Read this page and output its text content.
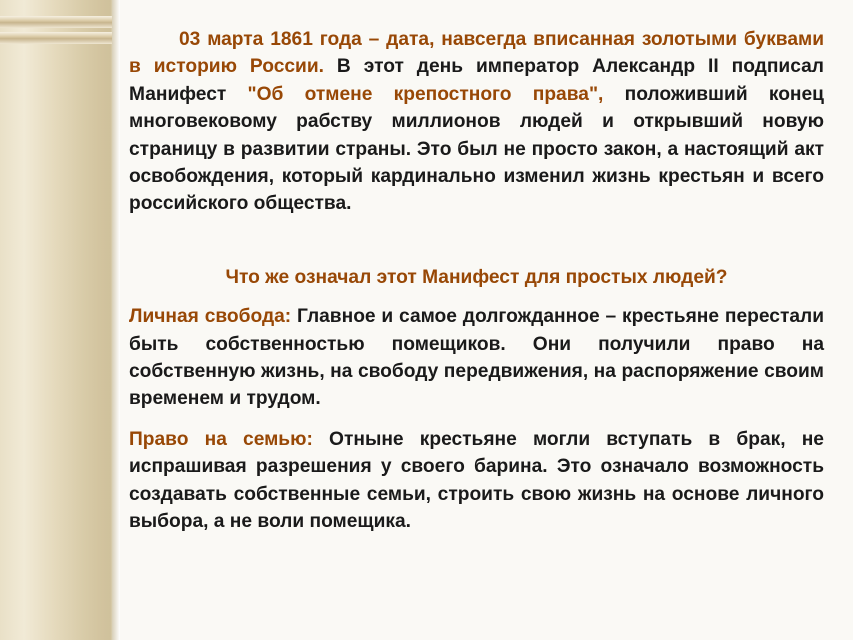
03 марта 1861 года – дата, навсегда вписанная золотыми буквами в историю России. В этот день император Александр II подписал Манифест "Об отмене крепостного права", положивший конец многовековому рабству миллионов людей и открывший новую страницу в развитии страны. Это был не просто закон, а настоящий акт освобождения, который кардинально изменил жизнь крестьян и всего российского общества.

Что же означал этот Манифест для простых людей?

Личная свобода: Главное и самое долгожданное – крестьяне перестали быть собственностью помещиков. Они получили право на собственную жизнь, на свободу передвижения, на распоряжение своим временем и трудом.

Право на семью: Отныне крестьяне могли вступать в брак, не испрашивая разрешения у своего барина. Это означало возможность создавать собственные семьи, строить свою жизнь на основе личного выбора, а не воли помещика.
